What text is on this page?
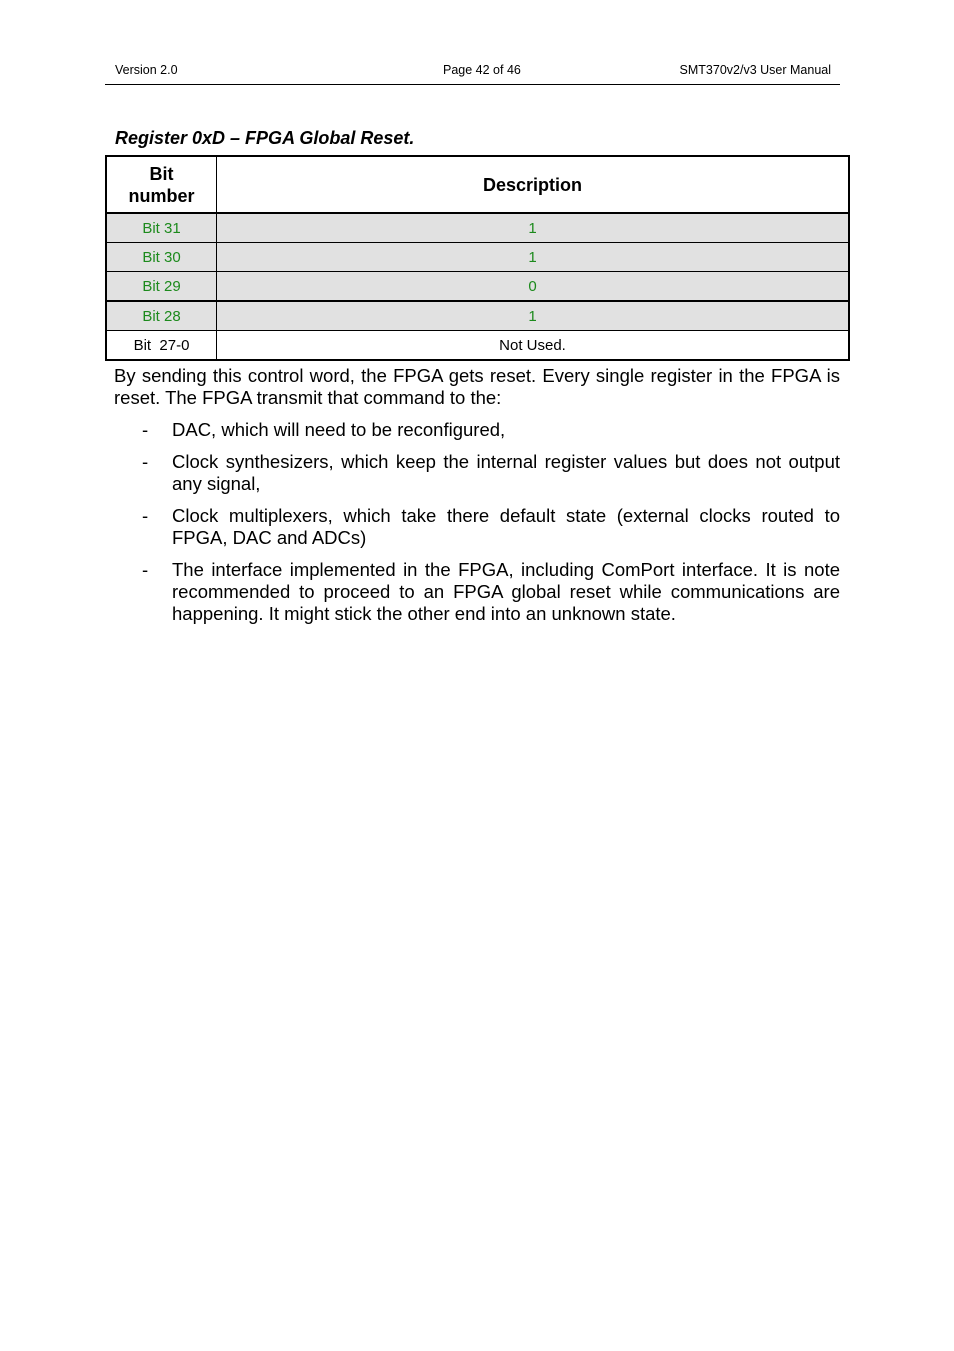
Version 2.0	Page 42 of 46	SMT370v2/v3 User Manual
Register 0xD – FPGA Global Reset.
Bit
number	Description
Bit 31	1
Bit 30	1
Bit 29	0
Bit 28	1
Bit  27-0	Not Used.

By sending this control word, the FPGA gets reset. Every single register in the FPGA is reset. The FPGA transmit that command to the:

- DAC, which will need to be reconfigured,
- Clock synthesizers, which keep the internal register values but does not output any signal,
- Clock multiplexers, which take there default state (external clocks routed to FPGA, DAC and ADCs)
- The interface implemented in the FPGA, including ComPort interface. It is note recommended to proceed to an FPGA global reset while communications are happening. It might stick the other end into an unknown state.
